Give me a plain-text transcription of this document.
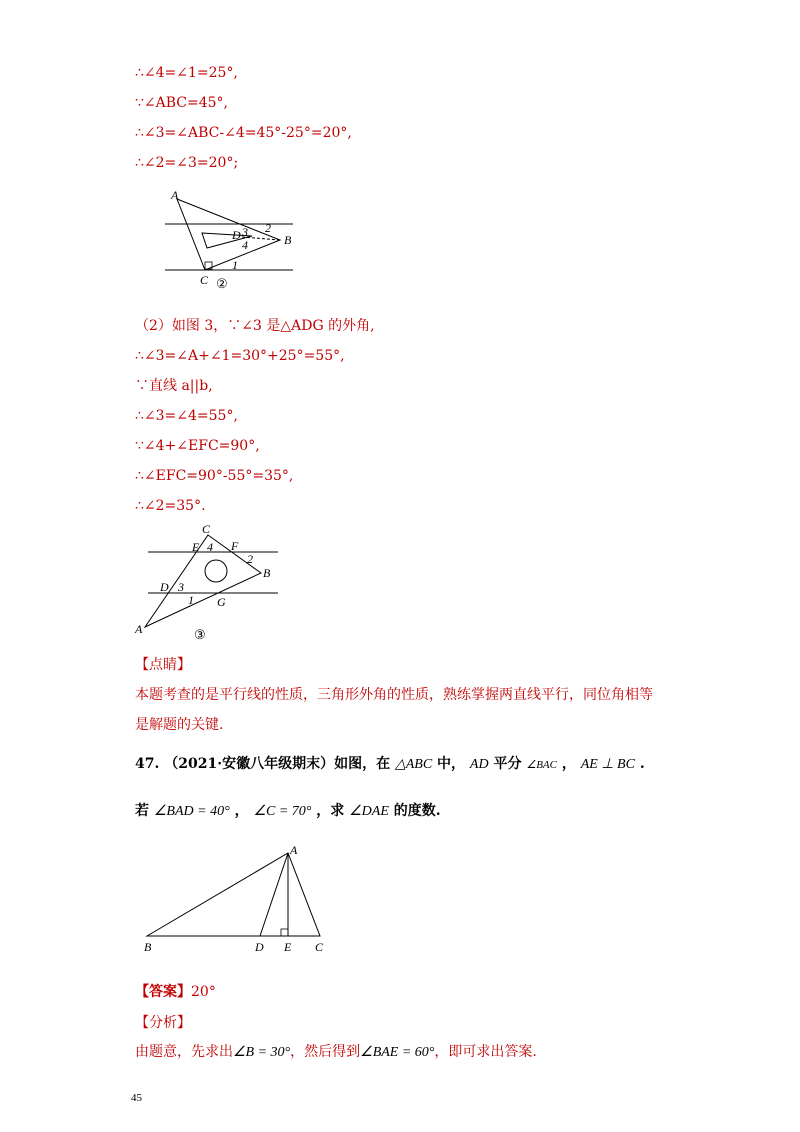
∴∠4=∠1=25°,
∵∠ABC=45°,
∴∠3=∠ABC-∠4=45°-25°=20°,
∴∠2=∠3=20°;
A
B
C
D 2
3
4
1
②
（2）如图 3，∵∠3 是△ADG 的外角,
∴∠3=∠A+∠1=30°+25°=55°,
∵直线 a||b,
∴∠3=∠4=55°,
∵∠4+∠EFC=90°,
∴∠EFC=90°-55°=35°,
∴∠2=35°.
C
E	F
4
2
B
D 3
1 G
A	③
【点睛】
本题考查的是平行线的性质，三角形外角的性质，熟练掌握两直线平行，同位角相等
是解题的关键.
47. （2021·安徽八年级期末）如图，在 △ABC 中， AD 平分 ∠BAC ， AE ⊥ BC .
若 ∠BAD = 40° ， ∠C = 70° ，求 ∠DAE 的度数.
A
B	D E C
【答案】20°
【分析】
由题意，先求出∠B = 30°，然后得到∠BAE = 60°，即可求出答案.
45
